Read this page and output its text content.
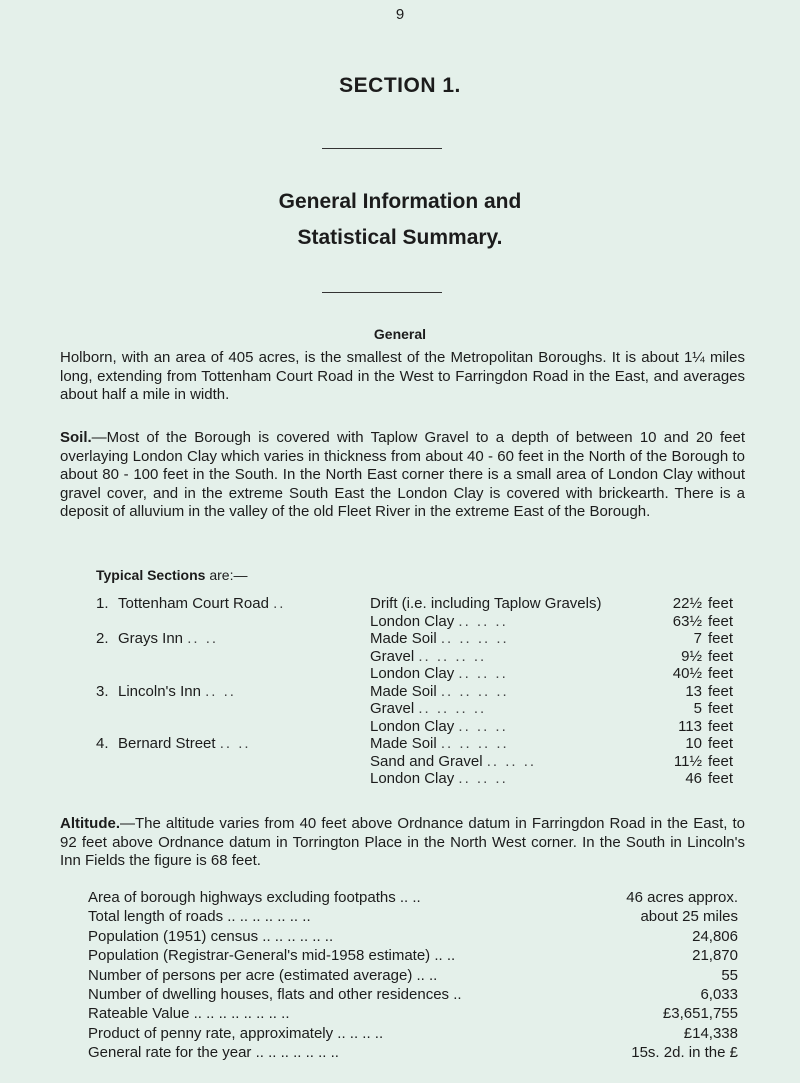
9
SECTION 1.
General Information and
Statistical Summary.
General
Holborn, with an area of 405 acres, is the smallest of the Metropolitan Boroughs. It is about 1¼ miles long, extending from Tottenham Court Road in the West to Farringdon Road in the East, and averages about half a mile in width.
Soil.—Most of the Borough is covered with Taplow Gravel to a depth of between 10 and 20 feet overlaying London Clay which varies in thickness from about 40 - 60 feet in the North of the Borough to about 80 - 100 feet in the South. In the North East corner there is a small area of London Clay without gravel cover, and in the extreme South East the London Clay is covered with brickearth. There is a deposit of alluvium in the valley of the old Fleet River in the extreme East of the Borough.
Typical Sections are:—
1. Tottenham Court Road ..	Drift (i.e. including Taplow Gravels)	22½ feet
London Clay .. .. ..	63½ feet
2. Grays Inn .. ..	Made Soil .. .. .. ..	7 feet
Gravel .. .. .. ..	9½ feet
London Clay .. .. ..	40½ feet
3. Lincoln's Inn .. ..	Made Soil .. .. .. ..	13 feet
Gravel .. .. .. ..	5 feet
London Clay .. .. ..	113 feet
4. Bernard Street .. ..	Made Soil .. .. .. ..	10 feet
Sand and Gravel .. .. ..	11½ feet
London Clay .. .. ..	46 feet
Altitude.—The altitude varies from 40 feet above Ordnance datum in Farringdon Road in the East, to 92 feet above Ordnance datum in Torrington Place in the North West corner. In the South in Lincoln's Inn Fields the figure is 68 feet.
Area of borough highways excluding footpaths .. ..	46 acres approx.
Total length of roads .. .. .. .. .. .. ..	about 25 miles
Population (1951) census .. .. .. .. .. ..	24,806
Population (Registrar-General's mid-1958 estimate) .. ..	21,870
Number of persons per acre (estimated average) .. ..	55
Number of dwelling houses, flats and other residences ..	6,033
Rateable Value .. .. .. .. .. .. .. ..	£3,651,755
Product of penny rate, approximately .. .. .. ..	£14,338
General rate for the year .. .. .. .. .. .. ..	15s. 2d. in the £
